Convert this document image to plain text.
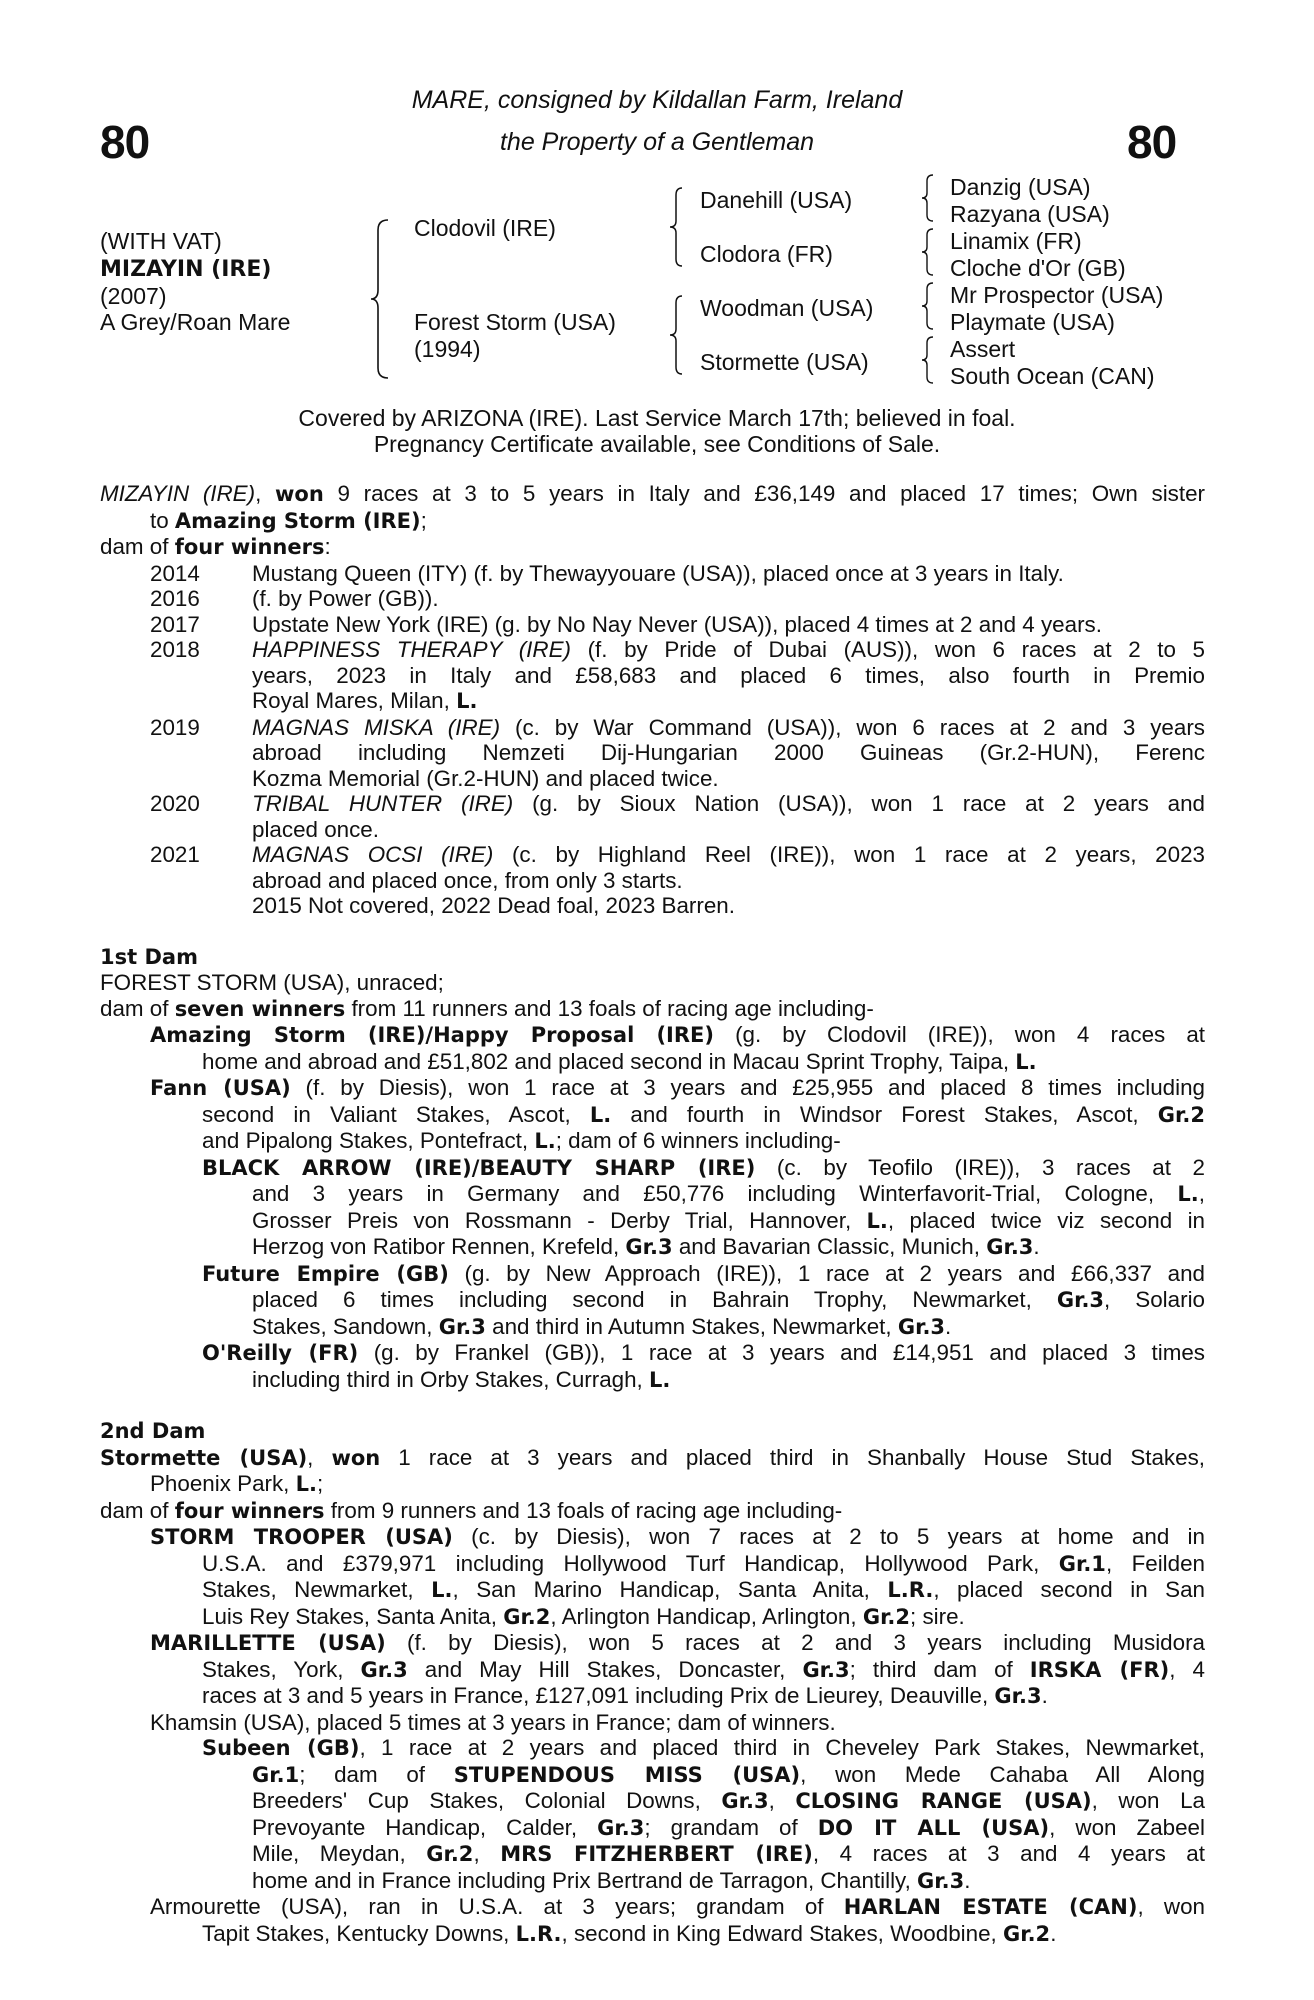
80	80
MARE, consigned by Kildallan Farm, Ireland
the Property of a Gentleman
(WITH VAT)
MIZAYIN (IRE)
(2007)
A Grey/Roan Mare
Clodovil (IRE)
Forest Storm (USA)
(1994)
Danehill (USA)
Clodora (FR)
Woodman (USA)
Stormette (USA)
Danzig (USA)
Razyana (USA)
Linamix (FR)
Cloche d'Or (GB)
Mr Prospector (USA)
Playmate (USA)
Assert
South Ocean (CAN)
Covered by ARIZONA (IRE). Last Service March 17th; believed in foal.
Pregnancy Certificate available, see Conditions of Sale.

MIZAYIN (IRE), won 9 races at 3 to 5 years in Italy and £36,149 and placed 17 times; Own sister

to Amazing Storm (IRE);

dam of four winners:

2014 Mustang Queen (ITY) (f. by Thewayyouare (USA)), placed once at 3 years in Italy.

2016 (f. by Power (GB)).

2017 Upstate New York (IRE) (g. by No Nay Never (USA)), placed 4 times at 2 and 4 years.

2018 HAPPINESS THERAPY (IRE) (f. by Pride of Dubai (AUS)), won 6 races at 2 to 5

years, 2023 in Italy and £58,683 and placed 6 times, also fourth in Premio

Royal Mares, Milan, L.

2019 MAGNAS MISKA (IRE) (c. by War Command (USA)), won 6 races at 2 and 3 years

abroad including Nemzeti Dij-Hungarian 2000 Guineas (Gr.2-HUN), Ferenc

Kozma Memorial (Gr.2-HUN) and placed twice.

2020 TRIBAL HUNTER (IRE) (g. by Sioux Nation (USA)), won 1 race at 2 years and

placed once.

2021 MAGNAS OCSI (IRE) (c. by Highland Reel (IRE)), won 1 race at 2 years, 2023

abroad and placed once, from only 3 starts.

2015 Not covered, 2022 Dead foal, 2023 Barren.

1st Dam

FOREST STORM (USA), unraced;

dam of seven winners from 11 runners and 13 foals of racing age including-

Amazing Storm (IRE)/Happy Proposal (IRE) (g. by Clodovil (IRE)), won 4 races at

home and abroad and £51,802 and placed second in Macau Sprint Trophy, Taipa, L.

Fann (USA) (f. by Diesis), won 1 race at 3 years and £25,955 and placed 8 times including

second in Valiant Stakes, Ascot, L. and fourth in Windsor Forest Stakes, Ascot, Gr.2

and Pipalong Stakes, Pontefract, L.; dam of 6 winners including-

BLACK ARROW (IRE)/BEAUTY SHARP (IRE) (c. by Teofilo (IRE)), 3 races at 2

and 3 years in Germany and £50,776 including Winterfavorit-Trial, Cologne, L.,

Grosser Preis von Rossmann - Derby Trial, Hannover, L., placed twice viz second in

Herzog von Ratibor Rennen, Krefeld, Gr.3 and Bavarian Classic, Munich, Gr.3.

Future Empire (GB) (g. by New Approach (IRE)), 1 race at 2 years and £66,337 and

placed 6 times including second in Bahrain Trophy, Newmarket, Gr.3, Solario

Stakes, Sandown, Gr.3 and third in Autumn Stakes, Newmarket, Gr.3.

O'Reilly (FR) (g. by Frankel (GB)), 1 race at 3 years and £14,951 and placed 3 times

including third in Orby Stakes, Curragh, L.

2nd Dam

Stormette (USA), won 1 race at 3 years and placed third in Shanbally House Stud Stakes,

Phoenix Park, L.;

dam of four winners from 9 runners and 13 foals of racing age including-

STORM TROOPER (USA) (c. by Diesis), won 7 races at 2 to 5 years at home and in

U.S.A. and £379,971 including Hollywood Turf Handicap, Hollywood Park, Gr.1, Feilden

Stakes, Newmarket, L., San Marino Handicap, Santa Anita, L.R., placed second in San

Luis Rey Stakes, Santa Anita, Gr.2, Arlington Handicap, Arlington, Gr.2; sire.

MARILLETTE (USA) (f. by Diesis), won 5 races at 2 and 3 years including Musidora

Stakes, York, Gr.3 and May Hill Stakes, Doncaster, Gr.3; third dam of IRSKA (FR), 4

races at 3 and 5 years in France, £127,091 including Prix de Lieurey, Deauville, Gr.3.

Khamsin (USA), placed 5 times at 3 years in France; dam of winners.

Subeen (GB), 1 race at 2 years and placed third in Cheveley Park Stakes, Newmarket,

Gr.1; dam of STUPENDOUS MISS (USA), won Mede Cahaba All Along

Breeders' Cup Stakes, Colonial Downs, Gr.3, CLOSING RANGE (USA), won La

Prevoyante Handicap, Calder, Gr.3; grandam of DO IT ALL (USA), won Zabeel

Mile, Meydan, Gr.2, MRS FITZHERBERT (IRE), 4 races at 3 and 4 years at

home and in France including Prix Bertrand de Tarragon, Chantilly, Gr.3.

Armourette (USA), ran in U.S.A. at 3 years; grandam of HARLAN ESTATE (CAN), won

Tapit Stakes, Kentucky Downs, L.R., second in King Edward Stakes, Woodbine, Gr.2.
